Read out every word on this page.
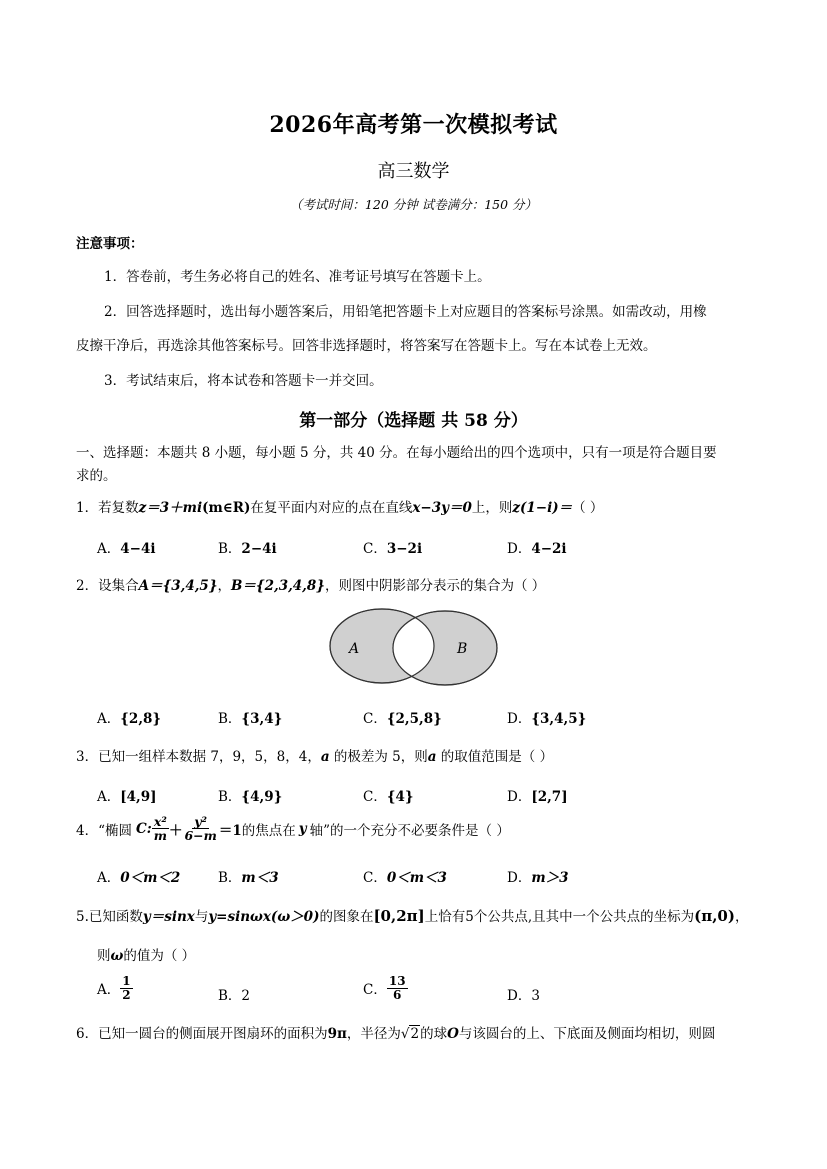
2026年高考第一次模拟考试
高三数学
（考试时间：120 分钟 试卷满分：150 分）
注意事项：
1．答卷前，考生务必将自己的姓名、准考证号填写在答题卡上。
2．回答选择题时，选出每小题答案后，用铅笔把答题卡上对应题目的答案标号涂黑。如需改动，用橡
皮擦干净后，再选涂其他答案标号。回答非选择题时，将答案写在答题卡上。写在本试卷上无效。
3．考试结束后，将本试卷和答题卡一并交回。
第一部分（选择题 共 58 分）
一、选择题：本题共 8 小题，每小题 5 分，共 40 分。在每小题给出的四个选项中，只有一项是符合题目要
求的。
1．若复数z＝3＋mi(m∈R)在复平面内对应的点在直线x−3y＝0上，则z(1−i)＝（ ）
A．4−4i	B．2−4i	C．3−2i	D．4−2i
2．设集合A＝{3,4,5}，B＝{2,3,4,8}，则图中阴影部分表示的集合为（ ）
A	B
A．{2,8}	B．{3,4}	C．{2,5,8}	D．{3,4,5}
3．已知一组样本数据 7，9，5，8，4，a 的极差为 5，则a 的取值范围是（ ）
A．[4,9]	B．{4,9}	C．{4}	D．[2,7]
4．“椭圆 C: $\frac{\text{x²}}{m} + \frac{\text{y²}}{6-m} =1$ 的焦点在 y 轴”的一个充分不必要条件是（ ）
A．0＜m＜2	B．m＜3	C．0＜m＜3	D．m＞3
5.已知函数y＝sinx与y=sinωx(ω＞0)的图象在[0,2π]上恰有5个公共点,且其中一个公共点的坐标为(π,0)，
则ω的值为（ ）
A． $\frac{1}{2}$	B．2	C． $\frac{13}{6}$	D．3
6．已知一圆台的侧面展开图扇环的面积为9π，半径为√2的球O与该圆台的上、下底面及侧面均相切，则圆
